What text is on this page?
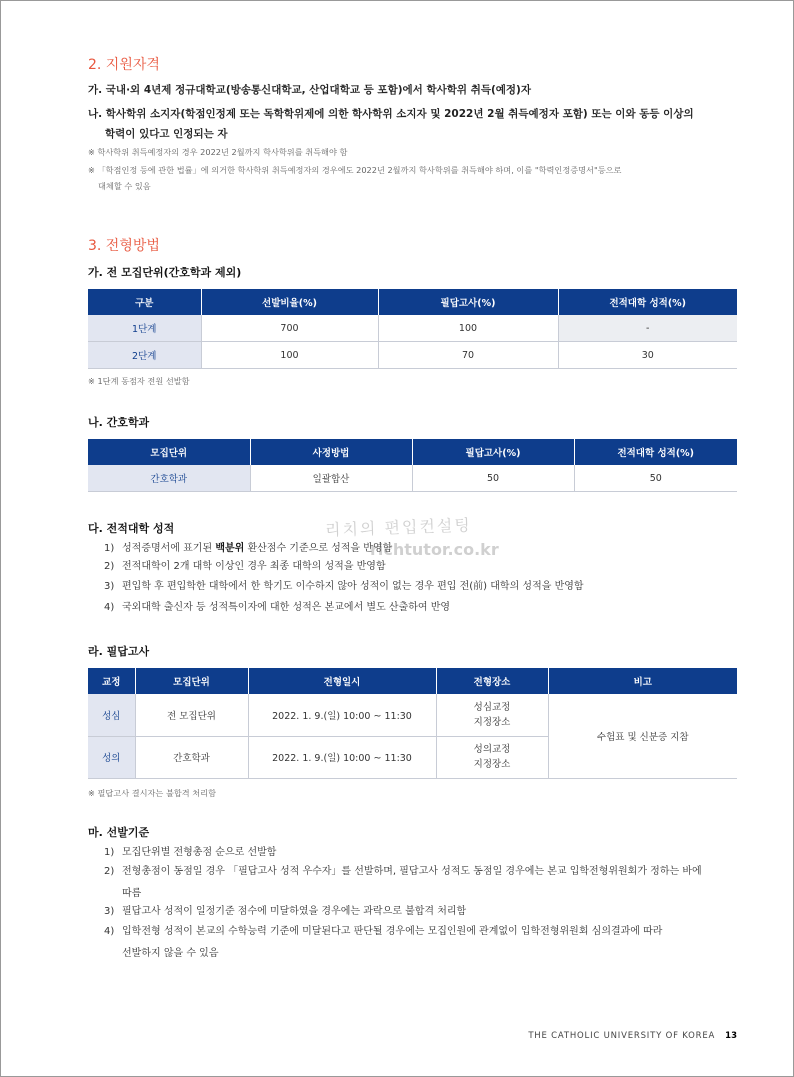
2. 지원자격
가. 국내·외 4년제 정규대학교(방송통신대학교, 산업대학교 등 포함)에서 학사학위 취득(예정)자
나. 학사학위 소지자(학점인정제 또는 독학학위제에 의한 학사학위 소지자 및 2022년 2월 취득예정자 포함) 또는 이와 동등 이상의
학력이 있다고 인정되는 자
※ 학사학위 취득예정자의 경우 2022년 2월까지 학사학위를 취득해야 함
※ 「학점인정 등에 관한 법률」에 의거한 학사학위 취득예정자의 경우에도 2022년 2월까지 학사학위를 취득해야 하며, 이를 "학력인정증명서"등으로
대체할 수 있음
3. 전형방법
가. 전 모집단위(간호학과 제외)
구분	선발비율(%)	필답고사(%)	전적대학 성적(%)
1단계	700	100	-
2단계	100	70	30
※ 1단계 동점자 전원 선발함
나. 간호학과
모집단위	사정방법	필답고사(%)	전적대학 성적(%)
간호학과	일괄합산	50	50
다. 전적대학 성적
1) 성적증명서에 표기된 백분위 환산점수 기준으로 성적을 반영함
2) 전적대학이 2개 대학 이상인 경우 최종 대학의 성적을 반영함
3) 편입학 후 편입학한 대학에서 한 학기도 이수하지 않아 성적이 없는 경우 편입 전(前) 대학의 성적을 반영함
4) 국외대학 출신자 등 성적특이자에 대한 성적은 본교에서 별도 산출하여 반영
리치의 편입컨설팅
richtutor.co.kr
라. 필답고사
교정	모집단위	전형일시	전형장소	비고
성심	전 모집단위	2022. 1. 9.(일) 10:00 ~ 11:30	성심교정
지정장소	수험표 및 신분증 지참
성의	간호학과	2022. 1. 9.(일) 10:00 ~ 11:30	성의교정
지정장소	
※ 필답고사 결시자는 불합격 처리함
마. 선발기준
1) 모집단위별 전형총점 순으로 선발함
2) 전형총점이 동점일 경우 「필답고사 성적 우수자」를 선발하며, 필답고사 성적도 동점일 경우에는 본교 입학전형위원회가 정하는 바에
따름
3) 필답고사 성적이 일정기준 점수에 미달하였을 경우에는 과락으로 불합격 처리함
4) 입학전형 성적이 본교의 수학능력 기준에 미달된다고 판단될 경우에는 모집인원에 관계없이 입학전형위원회 심의결과에 따라
선발하지 않을 수 있음
THE CATHOLIC UNIVERSITY OF KOREA 13
